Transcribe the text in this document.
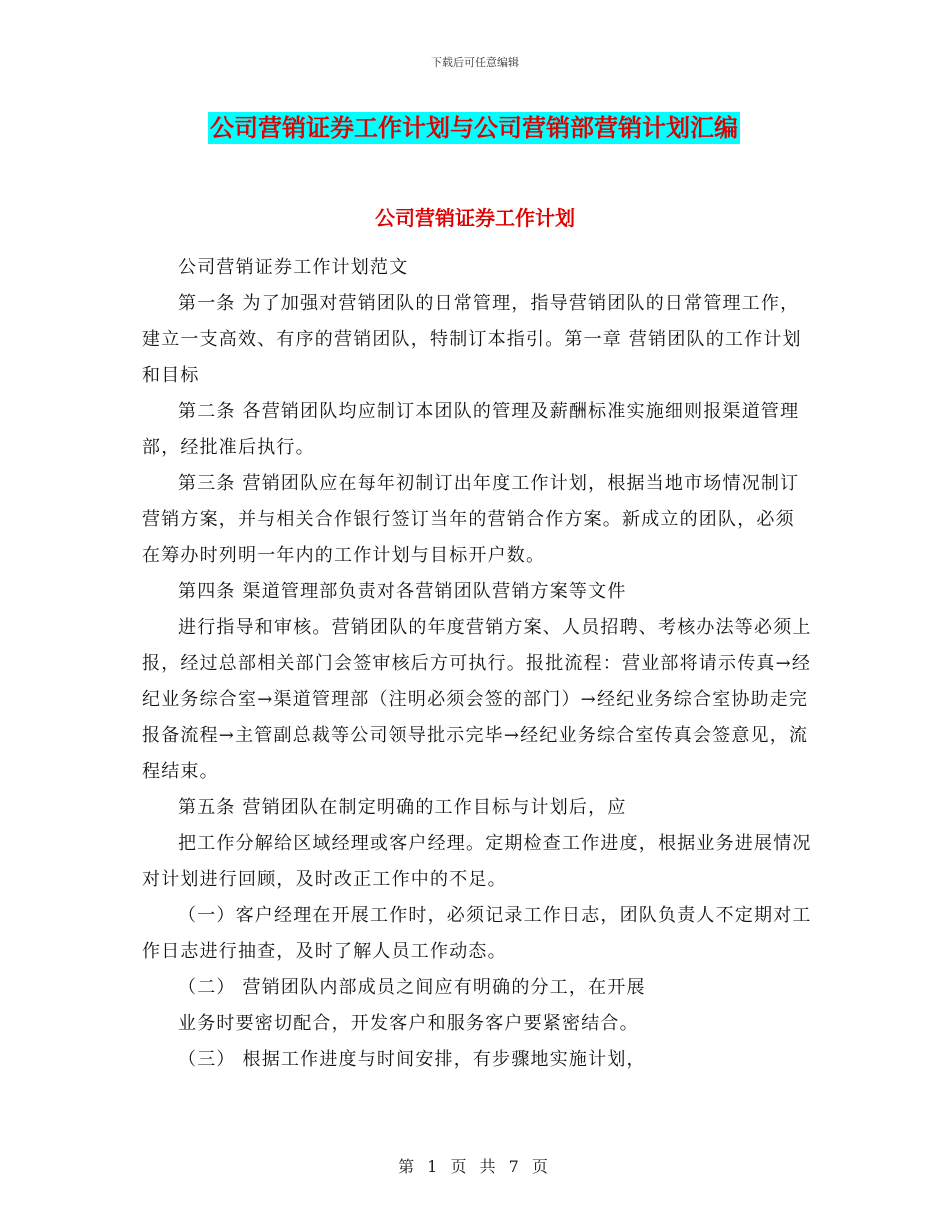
下载后可任意编辑
公司营销证券工作计划与公司营销部营销计划汇编
公司营销证券工作计划

公司营销证券工作计划范文

第一条 为了加强对营销团队的日常管理，指导营销团队的日常管理工作，建立一支高效、有序的营销团队，特制订本指引。第一章 营销团队的工作计划和目标

第二条 各营销团队均应制订本团队的管理及薪酬标准实施细则报渠道管理部，经批准后执行。

第三条 营销团队应在每年初制订出年度工作计划，根据当地市场情况制订营销方案，并与相关合作银行签订当年的营销合作方案。新成立的团队，必须在筹办时列明一年内的工作计划与目标开户数。

第四条 渠道管理部负责对各营销团队营销方案等文件

进行指导和审核。营销团队的年度营销方案、人员招聘、考核办法等必须上报，经过总部相关部门会签审核后方可执行。报批流程：营业部将请示传真→经纪业务综合室→渠道管理部（注明必须会签的部门）→经纪业务综合室协助走完报备流程→主管副总裁等公司领导批示完毕→经纪业务综合室传真会签意见，流程结束。

第五条 营销团队在制定明确的工作目标与计划后，应

把工作分解给区域经理或客户经理。定期检查工作进度，根据业务进展情况对计划进行回顾，及时改正工作中的不足。

（一）客户经理在开展工作时，必须记录工作日志，团队负责人不定期对工作日志进行抽查，及时了解人员工作动态。

（二） 营销团队内部成员之间应有明确的分工，在开展

业务时要密切配合，开发客户和服务客户要紧密结合。

（三） 根据工作进度与时间安排，有步骤地实施计划，

第 1 页 共 7 页
